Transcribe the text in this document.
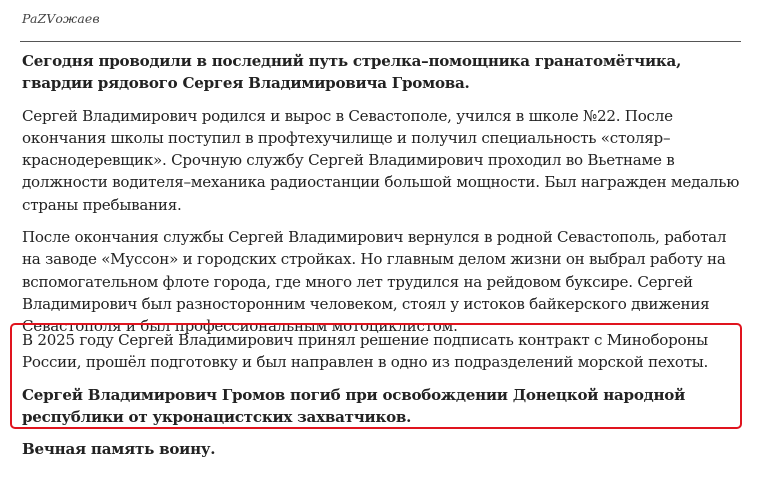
PaZVожаев

Сегодня проводили в последний путь стрелка–помощника гранатомётчика, гвардии рядового Сергея Владимировича Громова.

Сергей Владимирович родился и вырос в Севастополе, учился в школе №22. После окончания школы поступил в профтехучилище и получил специальность «столяр–краснодеревщик». Срочную службу Сергей Владимирович проходил во Вьетнаме в должности водителя–механика радиостанции большой мощности. Был награжден медалью страны пребывания.

После окончания службы Сергей Владимирович вернулся в родной Севастополь, работал на заводе «Муссон» и городских стройках. Но главным делом жизни он выбрал работу на вспомогательном флоте города, где много лет трудился на рейдовом буксире. Сергей Владимирович был разносторонним человеком, стоял у истоков байкерского движения Севастополя и был профессиональным мотоциклистом.

В 2025 году Сергей Владимирович принял решение подписать контракт с Минобороны России, прошёл подготовку и был направлен в одно из подразделений морской пехоты.

Сергей Владимирович Громов погиб при освобождении Донецкой народной республики от укронацистских захватчиков.

Вечная память воину.
